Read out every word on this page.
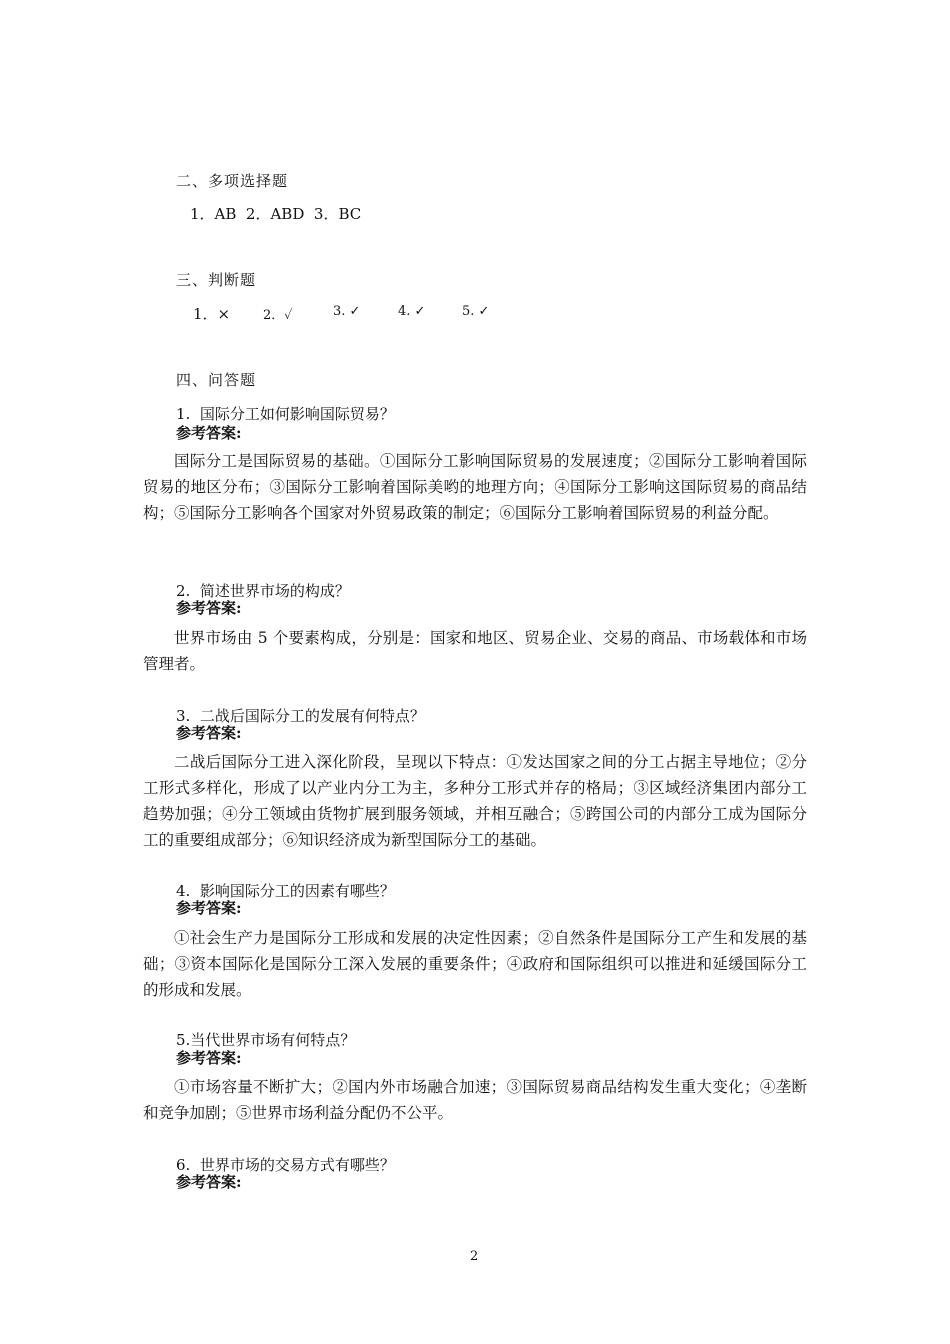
二、多项选择题
1．AB  2．ABD  3．BC
三、判断题
1．×	2．✓	3. ✓	4. ✓	5. ✓
四、问答题
1.  国际分工如何影响国际贸易？
参考答案:
国际分工是国际贸易的基础。①国际分工影响国际贸易的发展速度；②国际分工影响着国际贸易的地区分布；③国际分工影响着国际美哟的地理方向；④国际分工影响这国际贸易的商品结构；⑤国际分工影响各个国家对外贸易政策的制定；⑥国际分工影响着国际贸易的利益分配。
2.  简述世界市场的构成？
参考答案:
世界市场由 5 个要素构成，分别是：国家和地区、贸易企业、交易的商品、市场载体和市场管理者。
3.  二战后国际分工的发展有何特点？
参考答案:
二战后国际分工进入深化阶段，呈现以下特点：①发达国家之间的分工占据主导地位；②分工形式多样化，形成了以产业内分工为主，多种分工形式并存的格局；③区域经济集团内部分工趋势加强；④分工领域由货物扩展到服务领域，并相互融合；⑤跨国公司的内部分工成为国际分工的重要组成部分；⑥知识经济成为新型国际分工的基础。
4.  影响国际分工的因素有哪些？
参考答案:
①社会生产力是国际分工形成和发展的决定性因素；②自然条件是国际分工产生和发展的基础；③资本国际化是国际分工深入发展的重要条件；④政府和国际组织可以推进和延缓国际分工的形成和发展。
5.当代世界市场有何特点？
参考答案:
①市场容量不断扩大；②国内外市场融合加速；③国际贸易商品结构发生重大变化；④垄断和竞争加剧；⑤世界市场利益分配仍不公平。
6.  世界市场的交易方式有哪些？
参考答案:
2
